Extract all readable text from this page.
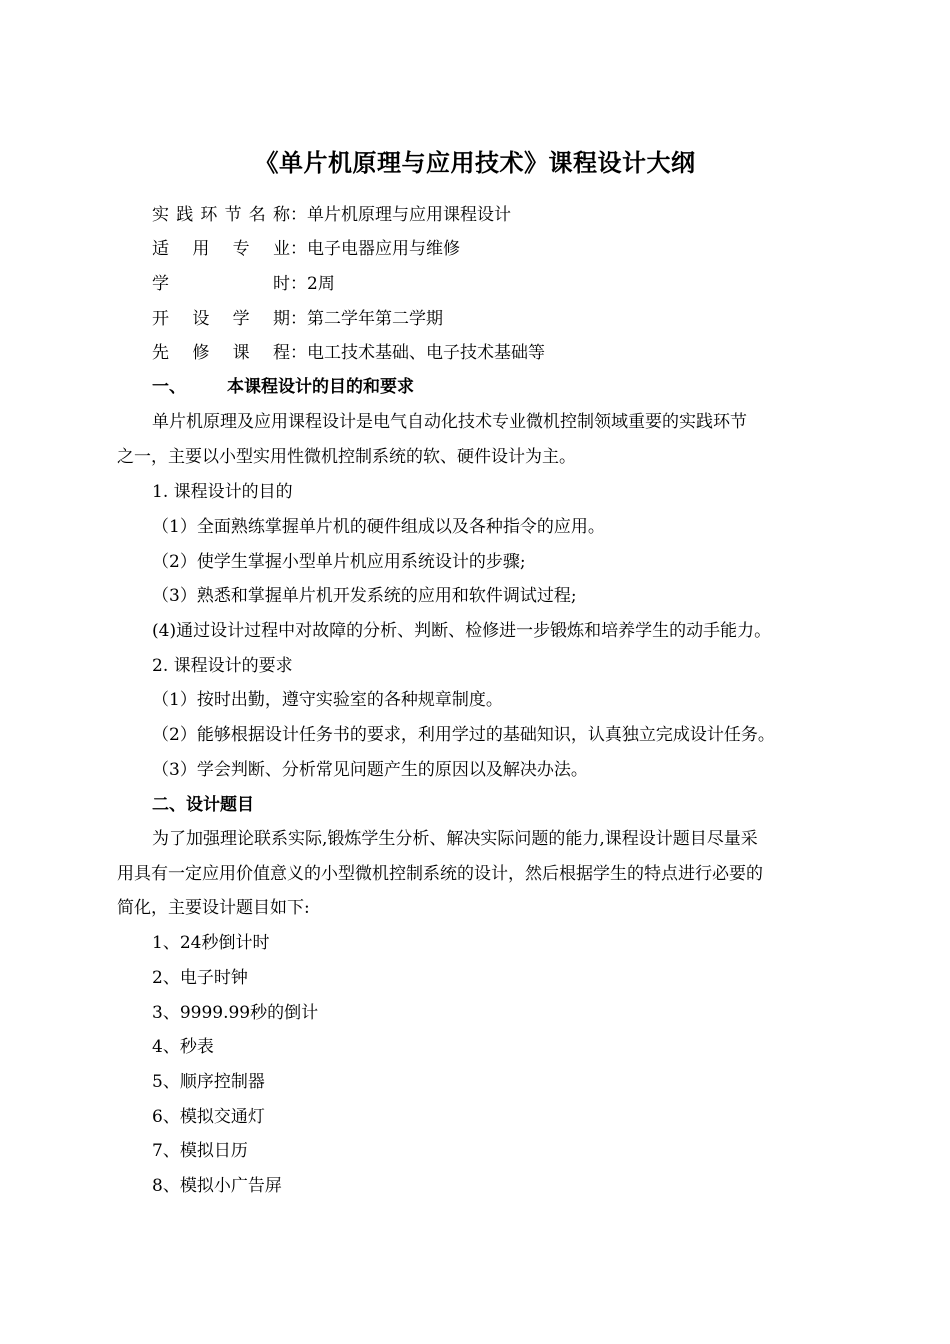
《单片机原理与应用技术》课程设计大纲
实践环节名称：单片机原理与应用课程设计
适用专业：电子电器应用与维修
学时：2周
开设学期：第二学年第二学期
先修课程：电工技术基础、电子技术基础等
一、 本课程设计的目的和要求
单片机原理及应用课程设计是电气自动化技术专业微机控制领域重要的实践环节
之一，主要以小型实用性微机控制系统的软、硬件设计为主。
1. 课程设计的目的
（1）全面熟练掌握单片机的硬件组成以及各种指令的应用。
（2）使学生掌握小型单片机应用系统设计的步骤;
（3）熟悉和掌握单片机开发系统的应用和软件调试过程;
(4)通过设计过程中对故障的分析、判断、检修进一步锻炼和培养学生的动手能力。
2. 课程设计的要求
（1）按时出勤，遵守实验室的各种规章制度。
（2）能够根据设计任务书的要求，利用学过的基础知识，认真独立完成设计任务。
（3）学会判断、分析常见问题产生的原因以及解决办法。
二、设计题目
为了加强理论联系实际,锻炼学生分析、解决实际问题的能力,课程设计题目尽量采
用具有一定应用价值意义的小型微机控制系统的设计，然后根据学生的特点进行必要的
简化，主要设计题目如下:
1、24秒倒计时
2、电子时钟
3、9999.99秒的倒计
4、秒表
5、顺序控制器
6、模拟交通灯
7、模拟日历
8、模拟小广告屏
